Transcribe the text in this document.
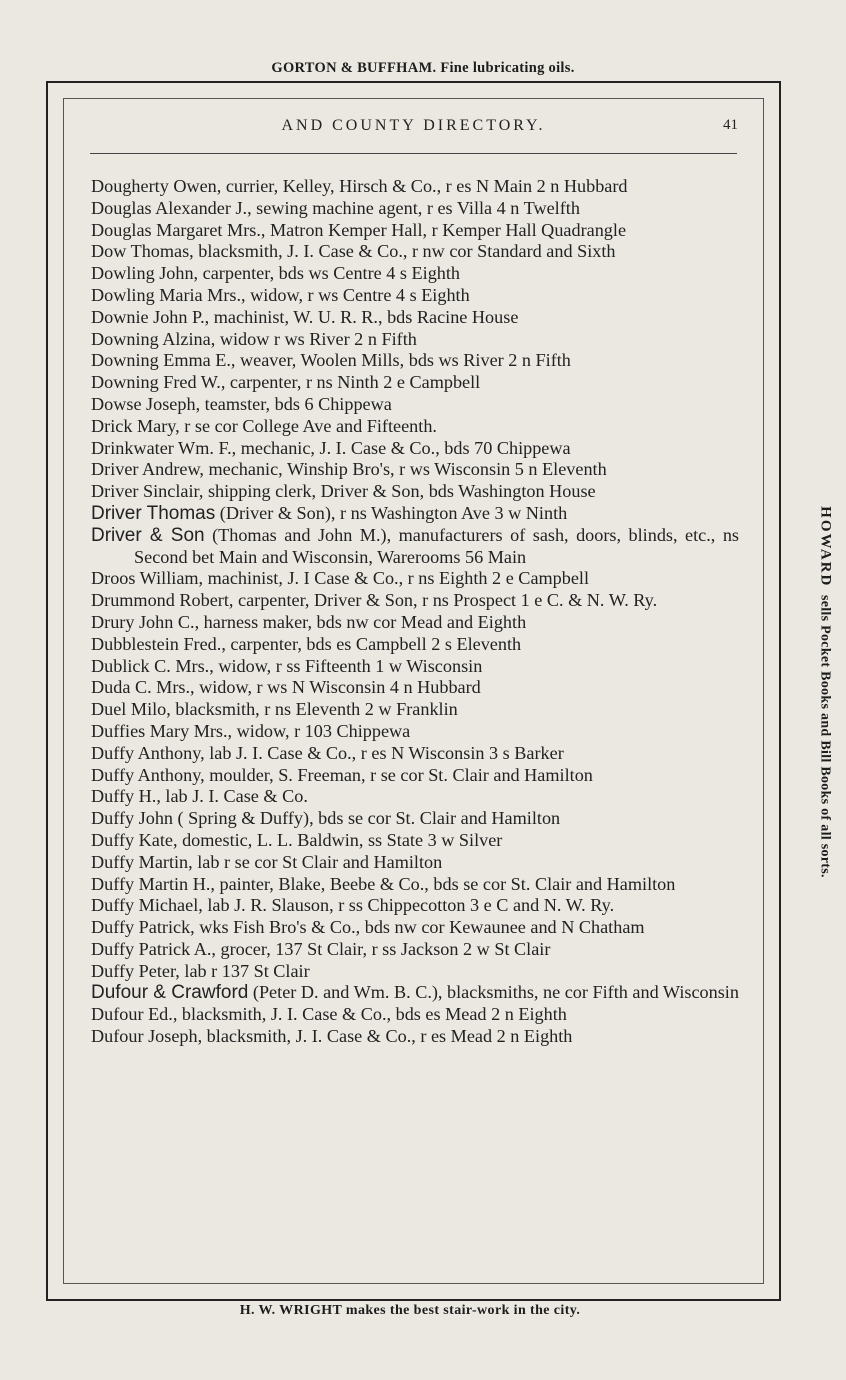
GORTON & BUFFHAM. Fine lubricating oils.
AND COUNTY DIRECTORY.	41

Dougherty Owen, currier, Kelley, Hirsch & Co., r es N Main 2 n Hubbard

Douglas Alexander J., sewing machine agent, r es Villa 4 n Twelfth

Douglas Margaret Mrs., Matron Kemper Hall, r Kemper Hall Quadrangle

Dow Thomas, blacksmith, J. I. Case & Co., r nw cor Standard and Sixth

Dowling John, carpenter, bds ws Centre 4 s Eighth

Dowling Maria Mrs., widow, r ws Centre 4 s Eighth

Downie John P., machinist, W. U. R. R., bds Racine House

Downing Alzina, widow r ws River 2 n Fifth

Downing Emma E., weaver, Woolen Mills, bds ws River 2 n Fifth

Downing Fred W., carpenter, r ns Ninth 2 e Campbell

Dowse Joseph, teamster, bds 6 Chippewa

Drick Mary, r se cor College Ave and Fifteenth.

Drinkwater Wm. F., mechanic, J. I. Case & Co., bds 70 Chippewa

Driver Andrew, mechanic, Winship Bro's, r ws Wisconsin 5 n Eleventh

Driver Sinclair, shipping clerk, Driver & Son, bds Washington House

Driver Thomas (Driver & Son), r ns Washington Ave 3 w Ninth

Driver & Son (Thomas and John M.), manufacturers of sash, doors, blinds, etc., ns Second bet Main and Wisconsin, Warerooms 56 Main

Droos William, machinist, J. I Case & Co., r ns Eighth 2 e Campbell

Drummond Robert, carpenter, Driver & Son, r ns Prospect 1 e C. & N. W. Ry.

Drury John C., harness maker, bds nw cor Mead and Eighth

Dubblestein Fred., carpenter, bds es Campbell 2 s Eleventh

Dublick C. Mrs., widow, r ss Fifteenth 1 w Wisconsin

Duda C. Mrs., widow, r ws N Wisconsin 4 n Hubbard

Duel Milo, blacksmith, r ns Eleventh 2 w Franklin

Duffies Mary Mrs., widow, r 103 Chippewa

Duffy Anthony, lab J. I. Case & Co., r es N Wisconsin 3 s Barker

Duffy Anthony, moulder, S. Freeman, r se cor St. Clair and Hamilton

Duffy H., lab J. I. Case & Co.

Duffy John ( Spring & Duffy), bds se cor St. Clair and Hamilton

Duffy Kate, domestic, L. L. Baldwin, ss State 3 w Silver

Duffy Martin, lab r se cor St Clair and Hamilton

Duffy Martin H., painter, Blake, Beebe & Co., bds se cor St. Clair and Hamilton

Duffy Michael, lab J. R. Slauson, r ss Chippecotton 3 e C and N. W. Ry.

Duffy Patrick, wks Fish Bro's & Co., bds nw cor Kewaunee and N Chatham

Duffy Patrick A., grocer, 137 St Clair, r ss Jackson 2 w St Clair

Duffy Peter, lab r 137 St Clair

Dufour & Crawford (Peter D. and Wm. B. C.), blacksmiths, ne cor Fifth and Wisconsin

Dufour Ed., blacksmith, J. I. Case & Co., bds es Mead 2 n Eighth

Dufour Joseph, blacksmith, J. I. Case & Co., r es Mead 2 n Eighth

HOWARD  sells Pocket Books and Bill Books of all sorts.
H. W. WRIGHT makes the best stair-work in the city.
